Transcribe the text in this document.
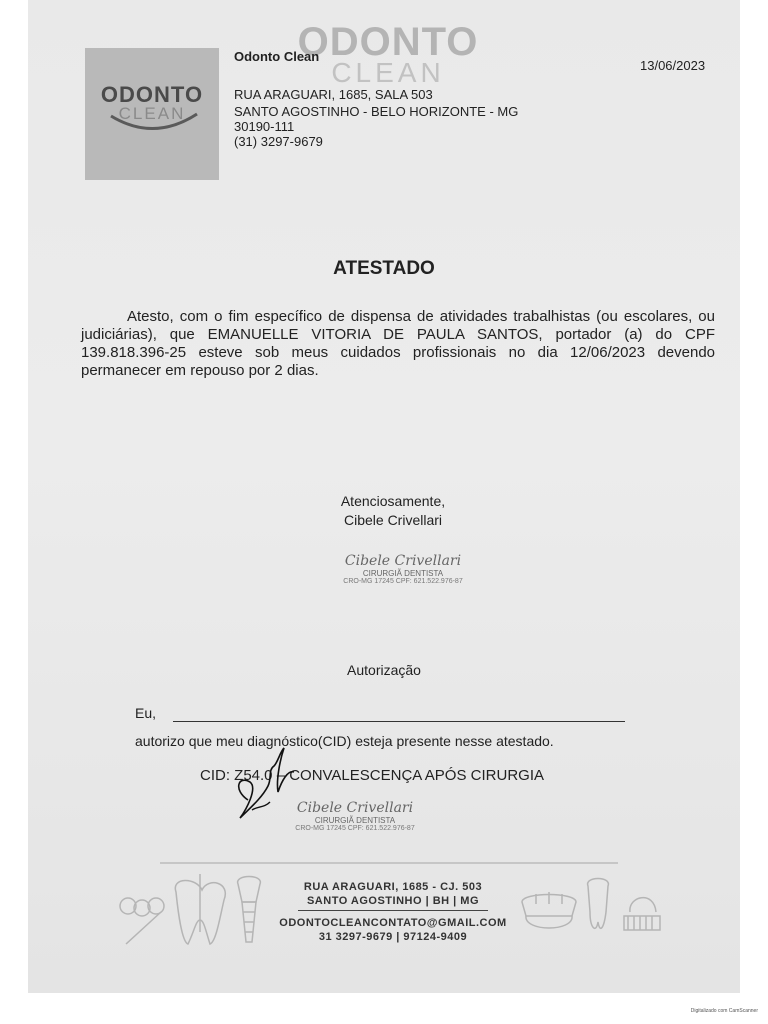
ODONTO
CLEAN
ODONTO
CLEAN
Odonto Clean
RUA ARAGUARI, 1685, SALA 503
SANTO AGOSTINHO - BELO HORIZONTE - MG
30190-111
(31) 3297-9679
13/06/2023
ATESTADO
Atesto, com o fim específico de dispensa de atividades trabalhistas (ou escolares, ou judiciárias), que EMANUELLE VITORIA DE PAULA SANTOS, portador (a) do CPF 139.818.396-25 esteve sob meus cuidados profissionais no dia 12/06/2023 devendo permanecer em repouso por 2 dias.
Atenciosamente,
Cibele Crivellari
Cibele Crivellari
CIRURGIÃ DENTISTA
CRO-MG 17245 CPF: 621.522.976-87
Autorização
Eu,
autorizo que meu diagnóstico(CID) esteja presente nesse atestado.
CID: Z54.0 – CONVALESCENÇA APÓS CIRURGIA
Cibele Crivellari
CIRURGIÃ DENTISTA
CRO-MG 17245 CPF: 621.522.976-87
RUA ARAGUARI, 1685 - CJ. 503
SANTO AGOSTINHO | BH | MG
ODONTOCLEANCONTATO@GMAIL.COM
31 3297-9679 | 97124-9409
Digitalizado com CamScanner
